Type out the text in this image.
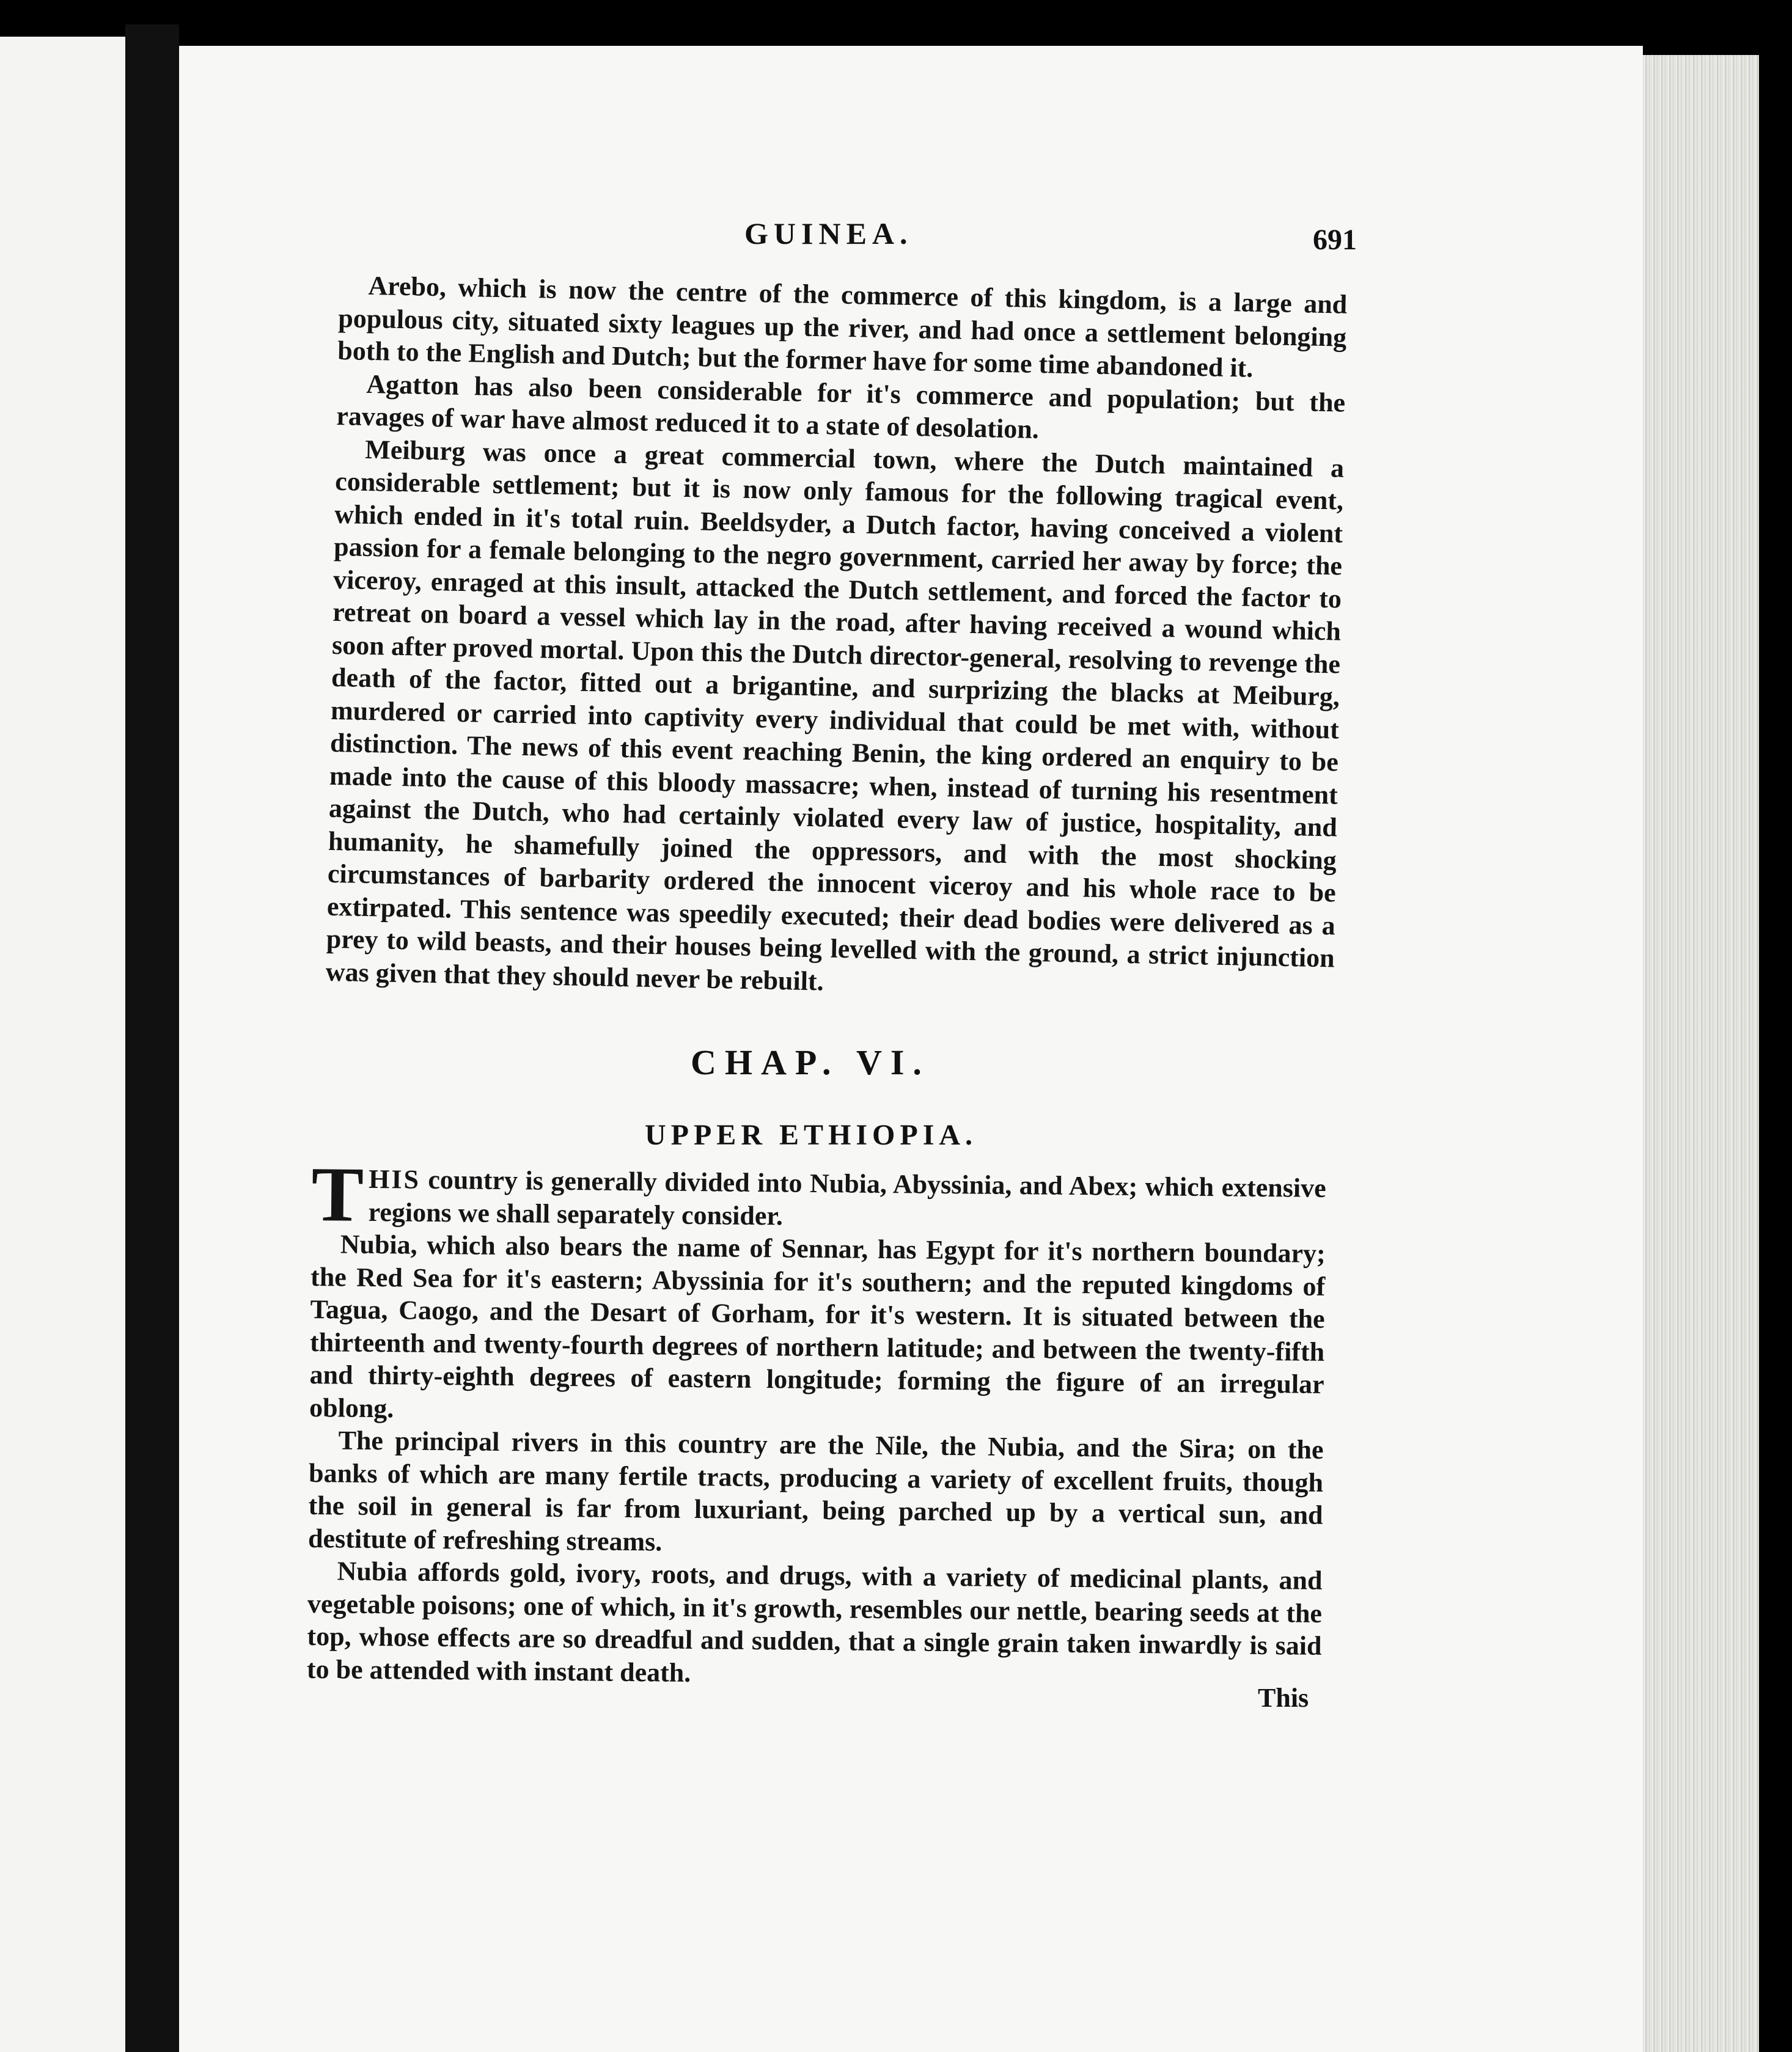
GUINEA.	691

Arebo, which is now the centre of the commerce of this kingdom, is a large and populous city, situated sixty leagues up the river, and had once a settlement belonging both to the English and Dutch; but the former have for some time abandoned it.

Agatton has also been considerable for it's commerce and population; but the ravages of war have almost reduced it to a state of desolation.

Meiburg was once a great commercial town, where the Dutch maintained a considerable settlement; but it is now only famous for the following tragical event, which ended in it's total ruin. Beeldsyder, a Dutch factor, having conceived a violent passion for a female belonging to the negro government, carried her away by force; the viceroy, enraged at this insult, attacked the Dutch settlement, and forced the factor to retreat on board a vessel which lay in the road, after having received a wound which soon after proved mortal. Upon this the Dutch director-general, resolving to revenge the death of the factor, fitted out a brigantine, and surprizing the blacks at Meiburg, murdered or carried into captivity every individual that could be met with, without distinction. The news of this event reaching Benin, the king ordered an enquiry to be made into the cause of this bloody massacre; when, instead of turning his resentment against the Dutch, who had certainly violated every law of justice, hospitality, and humanity, he shamefully joined the oppressors, and with the most shocking circumstances of barbarity ordered the innocent viceroy and his whole race to be extirpated. This sentence was speedily executed; their dead bodies were delivered as a prey to wild beasts, and their houses being levelled with the ground, a strict injunction was given that they should never be rebuilt.

CHAP. VI.
UPPER ETHIOPIA.

THIS country is generally divided into Nubia, Abyssinia, and Abex; which extensive regions we shall separately consider.

Nubia, which also bears the name of Sennar, has Egypt for it's northern boundary; the Red Sea for it's eastern; Abyssinia for it's southern; and the reputed kingdoms of Tagua, Caogo, and the Desart of Gorham, for it's western. It is situated between the thirteenth and twenty-fourth degrees of northern latitude; and between the twenty-fifth and thirty-eighth degrees of eastern longitude; forming the figure of an irregular oblong.

The principal rivers in this country are the Nile, the Nubia, and the Sira; on the banks of which are many fertile tracts, producing a variety of excellent fruits, though the soil in general is far from luxuriant, being parched up by a vertical sun, and destitute of refreshing streams.

Nubia affords gold, ivory, roots, and drugs, with a variety of medicinal plants, and vegetable poisons; one of which, in it's growth, resembles our nettle, bearing seeds at the top, whose effects are so dreadful and sudden, that a single grain taken inwardly is said to be attended with instant death.

This
